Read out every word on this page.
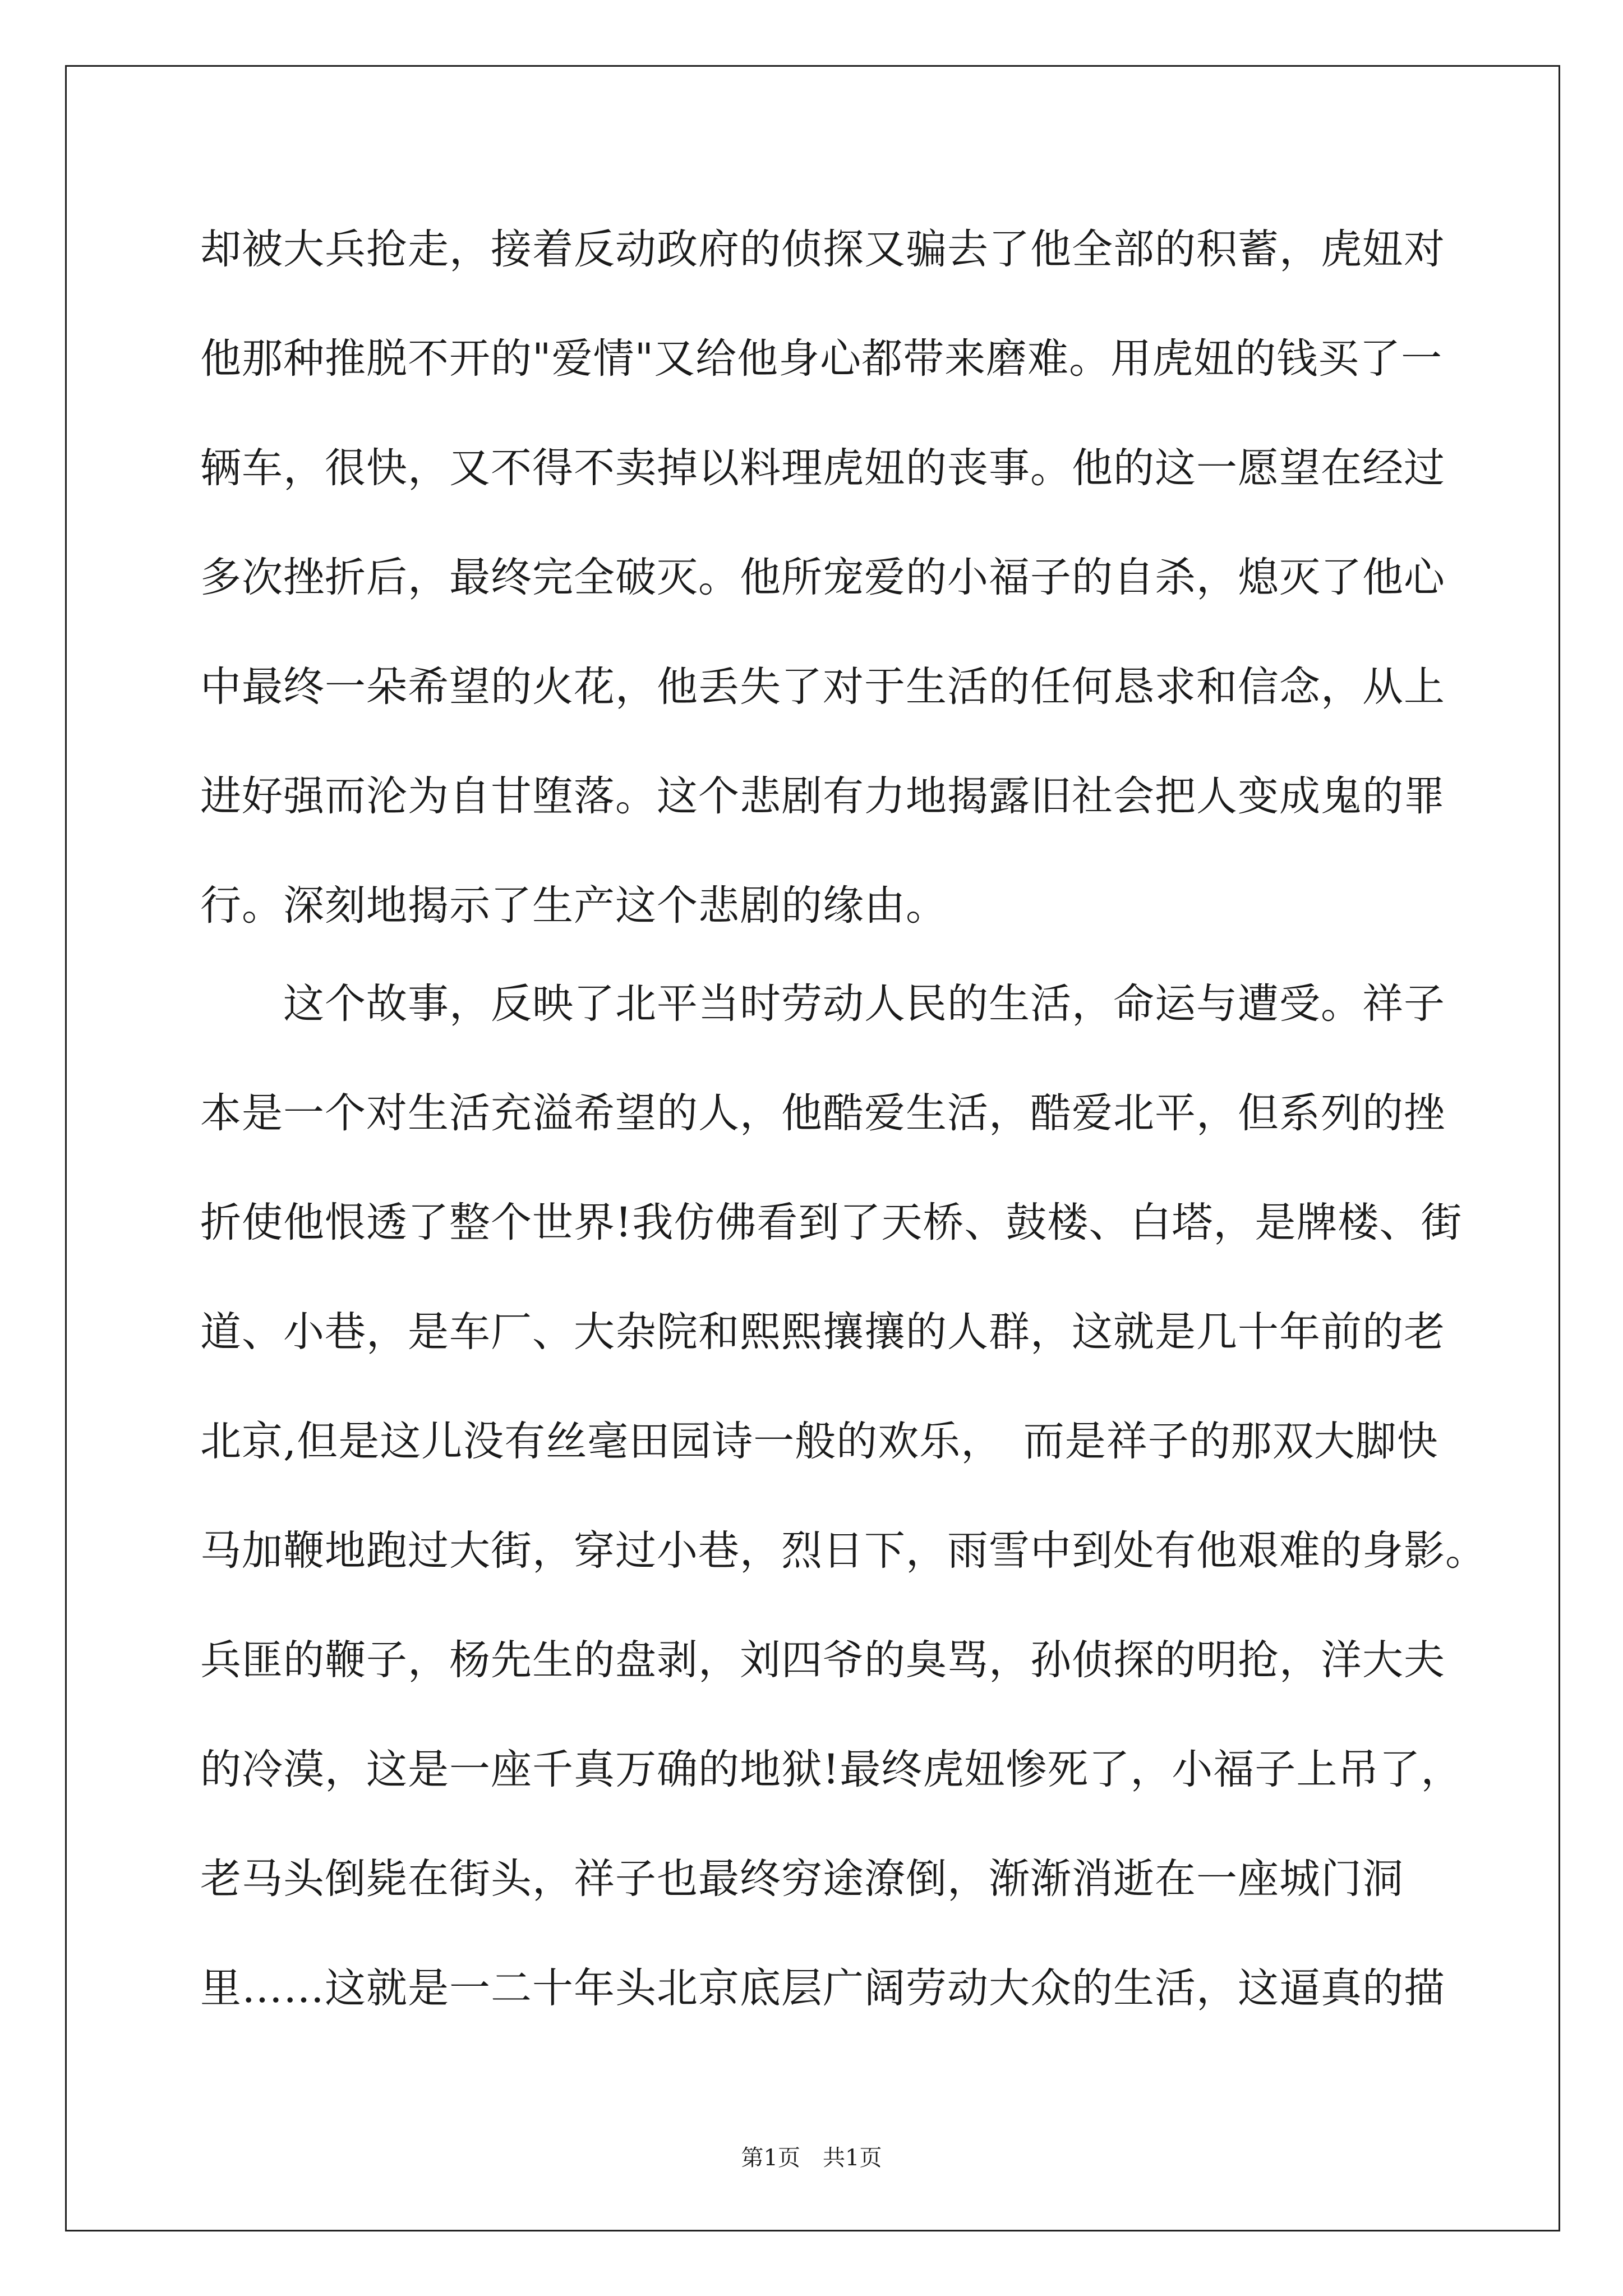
却被大兵抢走，接着反动政府的侦探又骗去了他全部的积蓄，虎妞对
他那种推脱不开的"爱情"又给他身心都带来磨难。用虎妞的钱买了一
辆车，很快，又不得不卖掉以料理虎妞的丧事。他的这一愿望在经过
多次挫折后，最终完全破灭。他所宠爱的小福子的自杀，熄灭了他心
中最终一朵希望的火花，他丢失了对于生活的任何恳求和信念，从上
进好强而沦为自甘堕落。这个悲剧有力地揭露旧社会把人变成鬼的罪
行。深刻地揭示了生产这个悲剧的缘由。
　　这个故事，反映了北平当时劳动人民的生活，命运与遭受。祥子
本是一个对生活充溢希望的人，他酷爱生活，酷爱北平，但系列的挫
折使他恨透了整个世界!我仿佛看到了天桥、鼓楼、白塔，是牌楼、街
道、小巷，是车厂、大杂院和熙熙攘攘的人群，这就是几十年前的老
北京,但是这儿没有丝毫田园诗一般的欢乐，　而是祥子的那双大脚快
马加鞭地跑过大街，穿过小巷，烈日下，雨雪中到处有他艰难的身影。
兵匪的鞭子，杨先生的盘剥，刘四爷的臭骂，孙侦探的明抢，洋大夫
的冷漠，这是一座千真万确的地狱!最终虎妞惨死了，小福子上吊了，
老马头倒毙在街头，祥子也最终穷途潦倒，渐渐消逝在一座城门洞
里……这就是一二十年头北京底层广阔劳动大众的生活，这逼真的描
第1页　共1页
